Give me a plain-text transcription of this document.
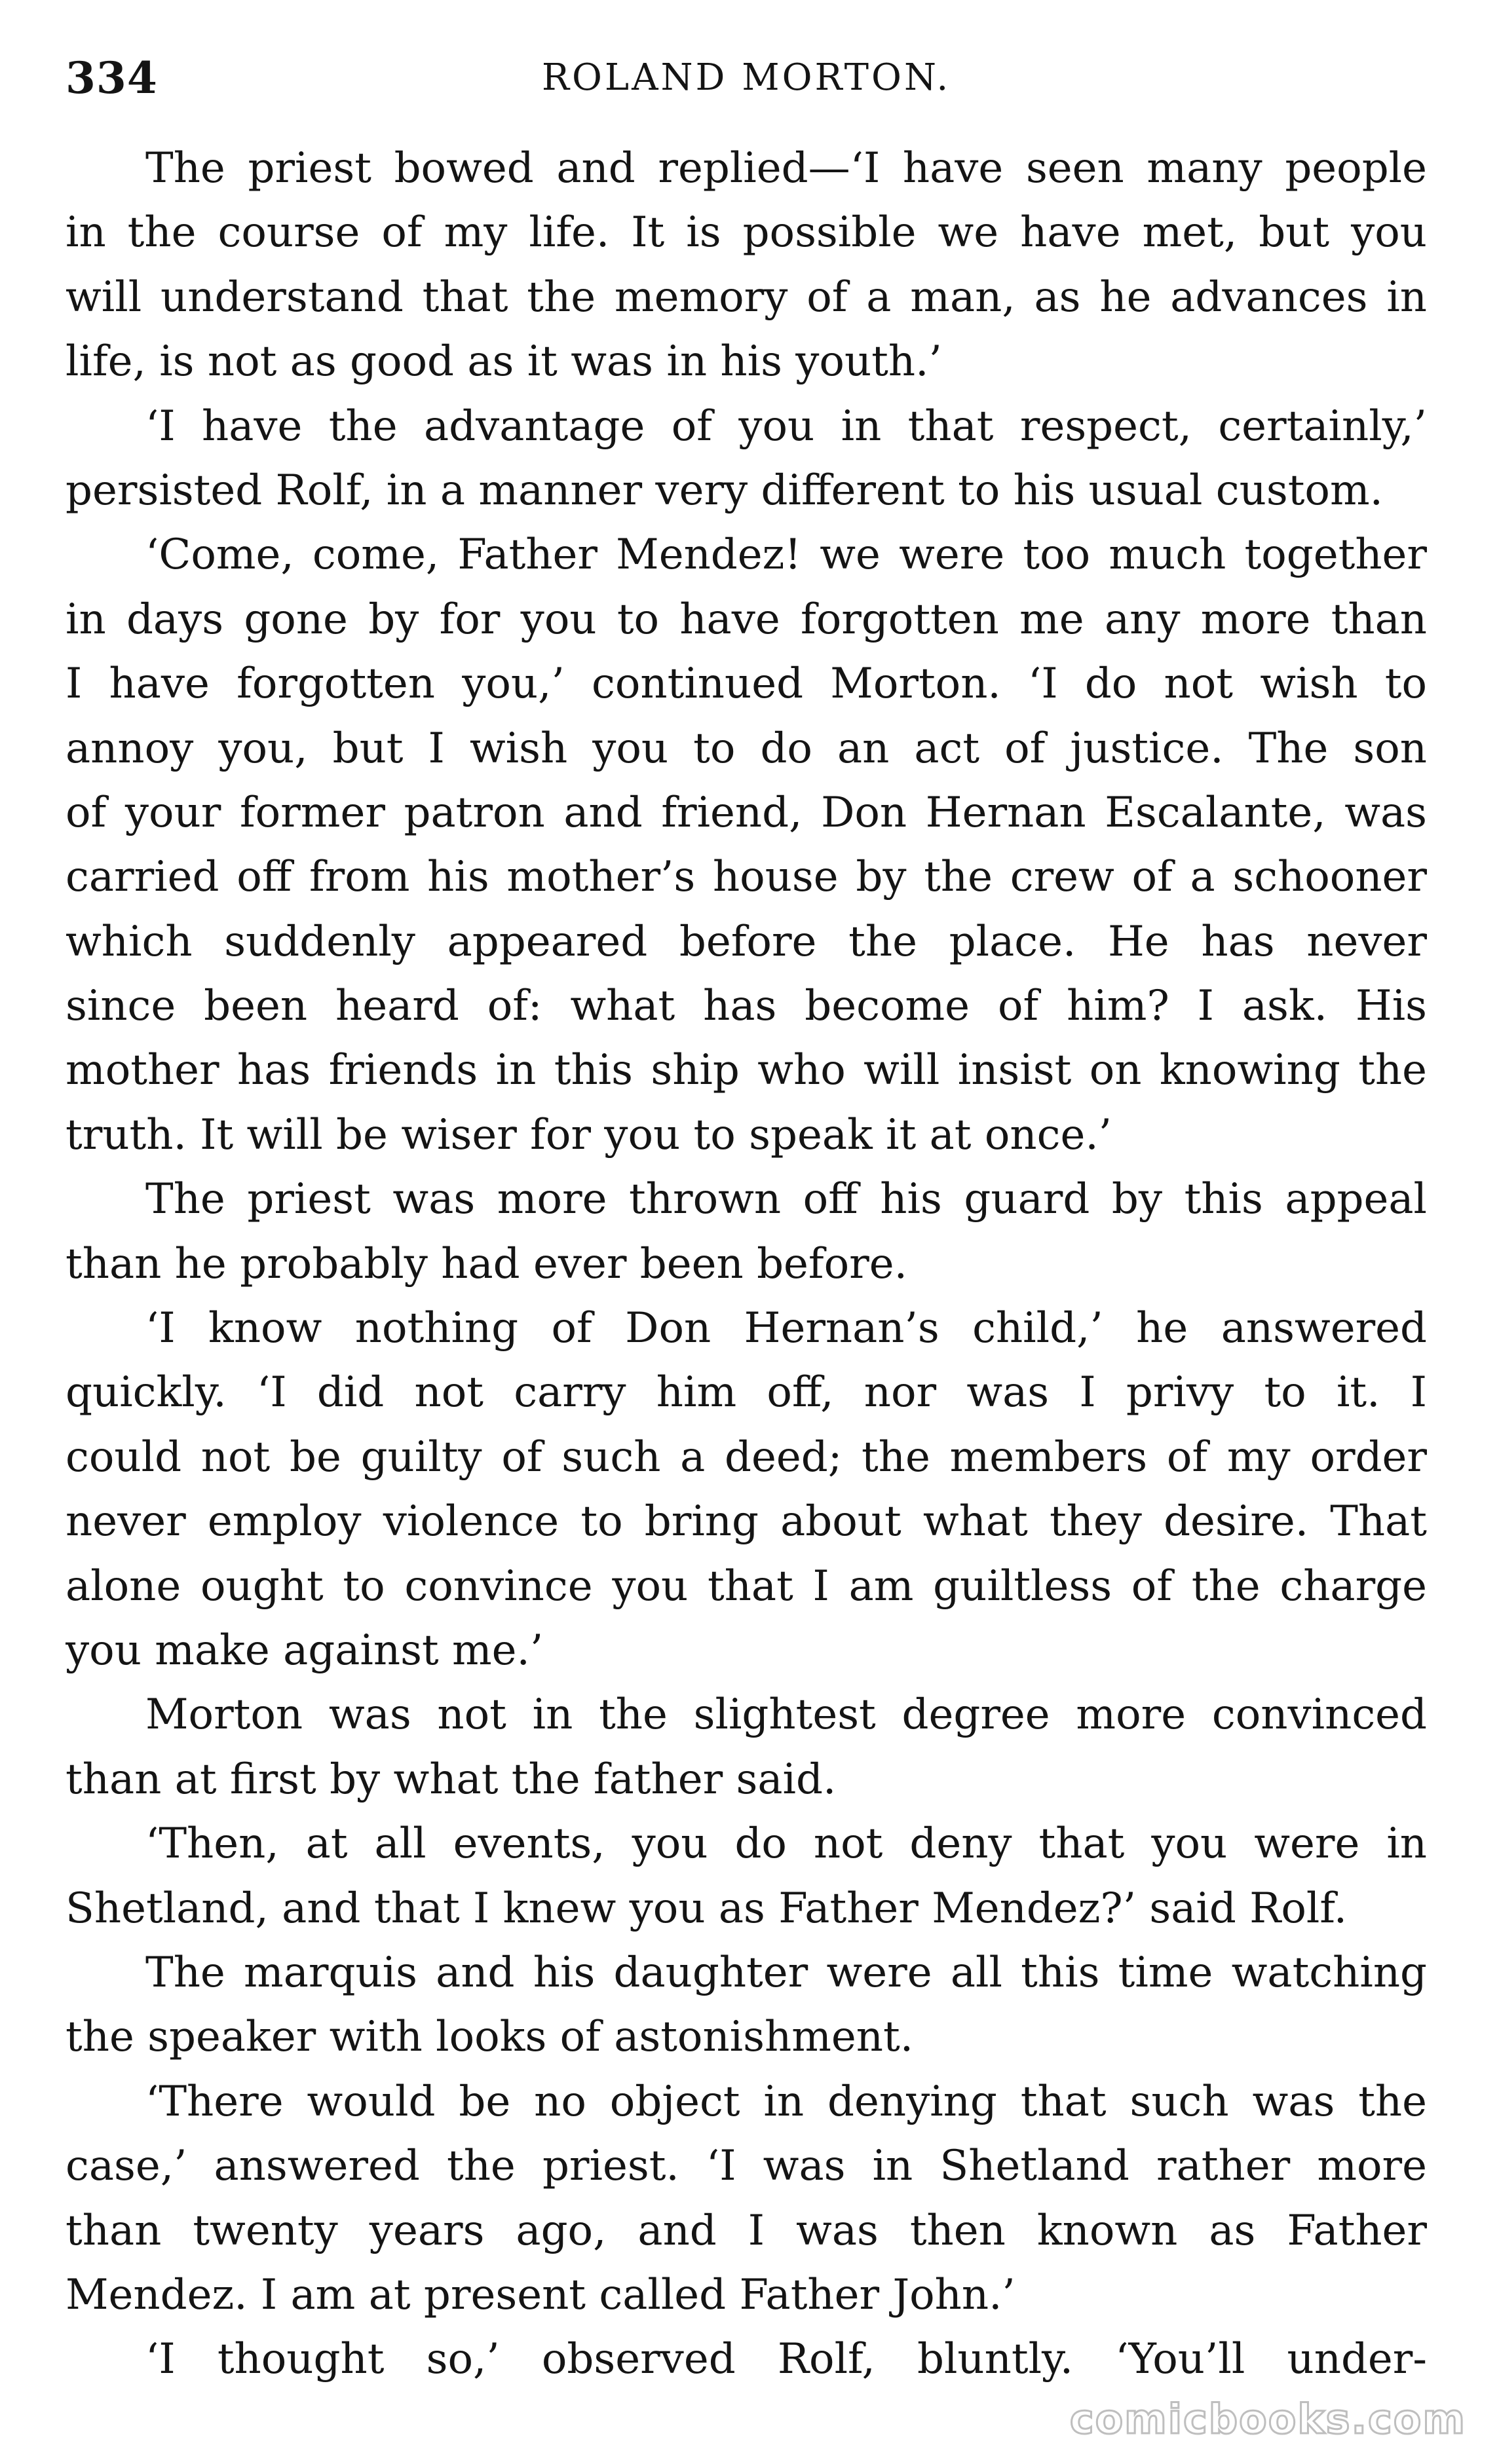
334	ROLAND MORTON.
The priest bowed and replied—‘I have seen many people
in the course of my life. It is possible we have met, but you
will understand that the memory of a man, as he advances in
life, is not as good as it was in his youth.’
‘I have the advantage of you in that respect, certainly,’
persisted Rolf, in a manner very different to his usual custom.
‘Come, come, Father Mendez! we were too much together
in days gone by for you to have forgotten me any more than
I have forgotten you,’ continued Morton. ‘I do not wish to
annoy you, but I wish you to do an act of justice. The son
of your former patron and friend, Don Hernan Escalante, was
carried off from his mother’s house by the crew of a schooner
which suddenly appeared before the place. He has never
since been heard of: what has become of him? I ask. His
mother has friends in this ship who will insist on knowing the
truth. It will be wiser for you to speak it at once.’
The priest was more thrown off his guard by this appeal
than he probably had ever been before.
‘I know nothing of Don Hernan’s child,’ he answered
quickly. ‘I did not carry him off, nor was I privy to it. I
could not be guilty of such a deed; the members of my order
never employ violence to bring about what they desire. That
alone ought to convince you that I am guiltless of the charge
you make against me.’
Morton was not in the slightest degree more convinced
than at first by what the father said.
‘Then, at all events, you do not deny that you were in
Shetland, and that I knew you as Father Mendez?’ said Rolf.
The marquis and his daughter were all this time watching
the speaker with looks of astonishment.
‘There would be no object in denying that such was the
case,’ answered the priest. ‘I was in Shetland rather more
than twenty years ago, and I was then known as Father
Mendez. I am at present called Father John.’
‘I thought so,’ observed Rolf, bluntly. ‘You’ll under-
comicbooks.com
